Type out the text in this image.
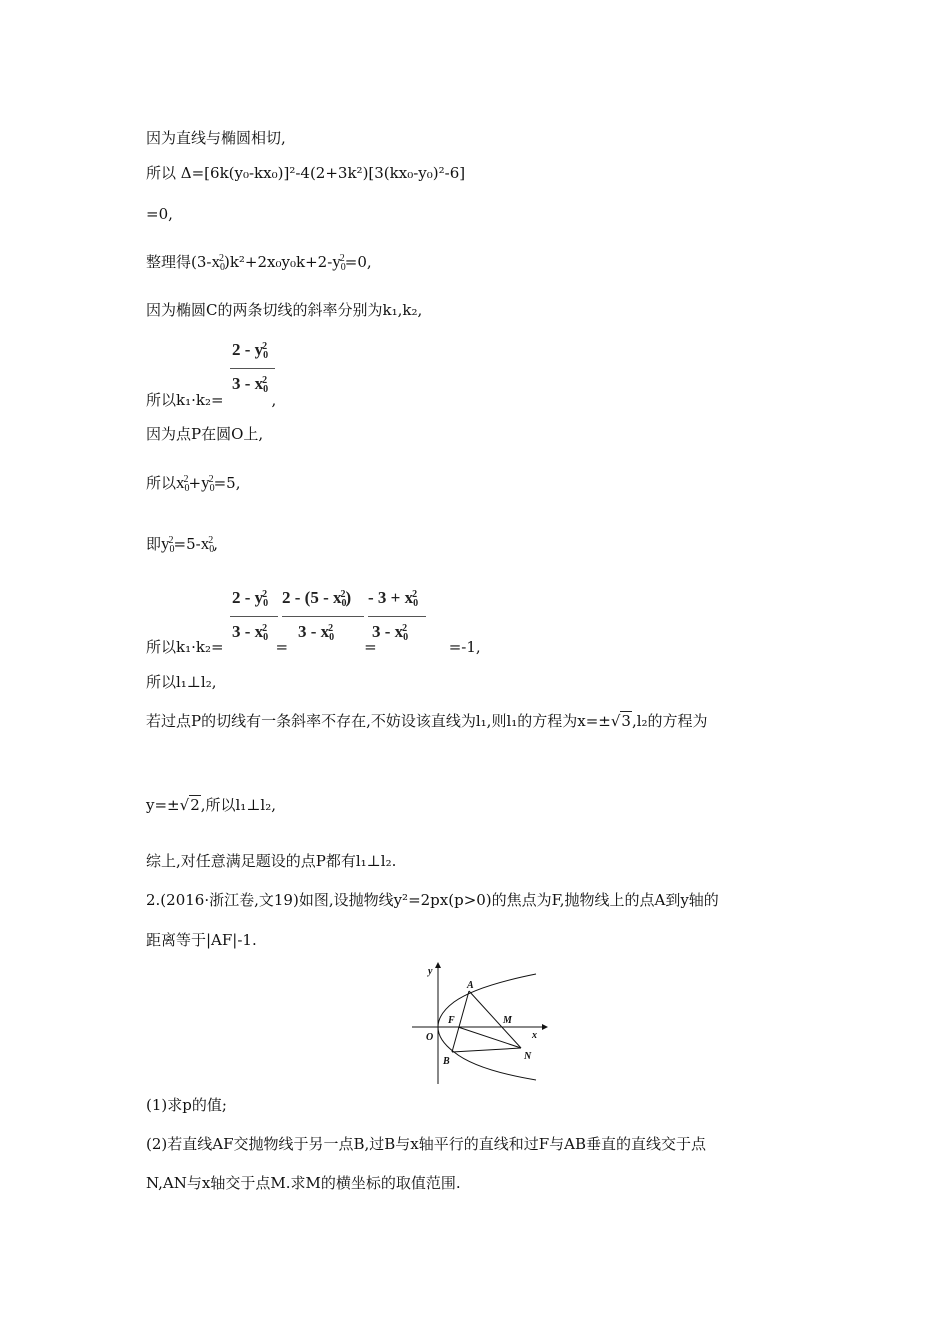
因为直线与椭圆相切,
所以 Δ=[6k(y₀-kx₀)]²-4(2+3k²)[3(kx₀-y₀)²-6]
=0,
整理得$(3-x_0^2)k^2+2x_0y_0k+2-y_0^2=0$,
因为椭圆C的两条切线的斜率分别为k₁,k₂,
$2 - y_0^2$
$3 - x_0^2$
所以k₁·k₂=	,
因为点P在圆O上,
所以$x_0^2+y_0^2=5$,
即$y_0^2=5-x_0^2$,
$2 - y_0^2$
$3 - x_0^2$
$2 - (5 - x_0^2)$
$3 - x_0^2$
- $3 + x_0^2$
$3 - x_0^2$
所以k₁·k₂=	=	=	=-1,
所以l₁⊥l₂,
若过点P的切线有一条斜率不存在,不妨设该直线为l₁,则l₁的方程为x=±√3,l₂的方程为
y=±√2,所以l₁⊥l₂,
综上,对任意满足题设的点P都有l₁⊥l₂.
2.(2016·浙江卷,文19)如图,设抛物线y²=2px(p>0)的焦点为F,抛物线上的点A到y轴的
距离等于|AF|-1.
y
x
O
A
F	M
B	N
(1)求p的值;
(2)若直线AF交抛物线于另一点B,过B与x轴平行的直线和过F与AB垂直的直线交于点
N,AN与x轴交于点M.求M的横坐标的取值范围.
